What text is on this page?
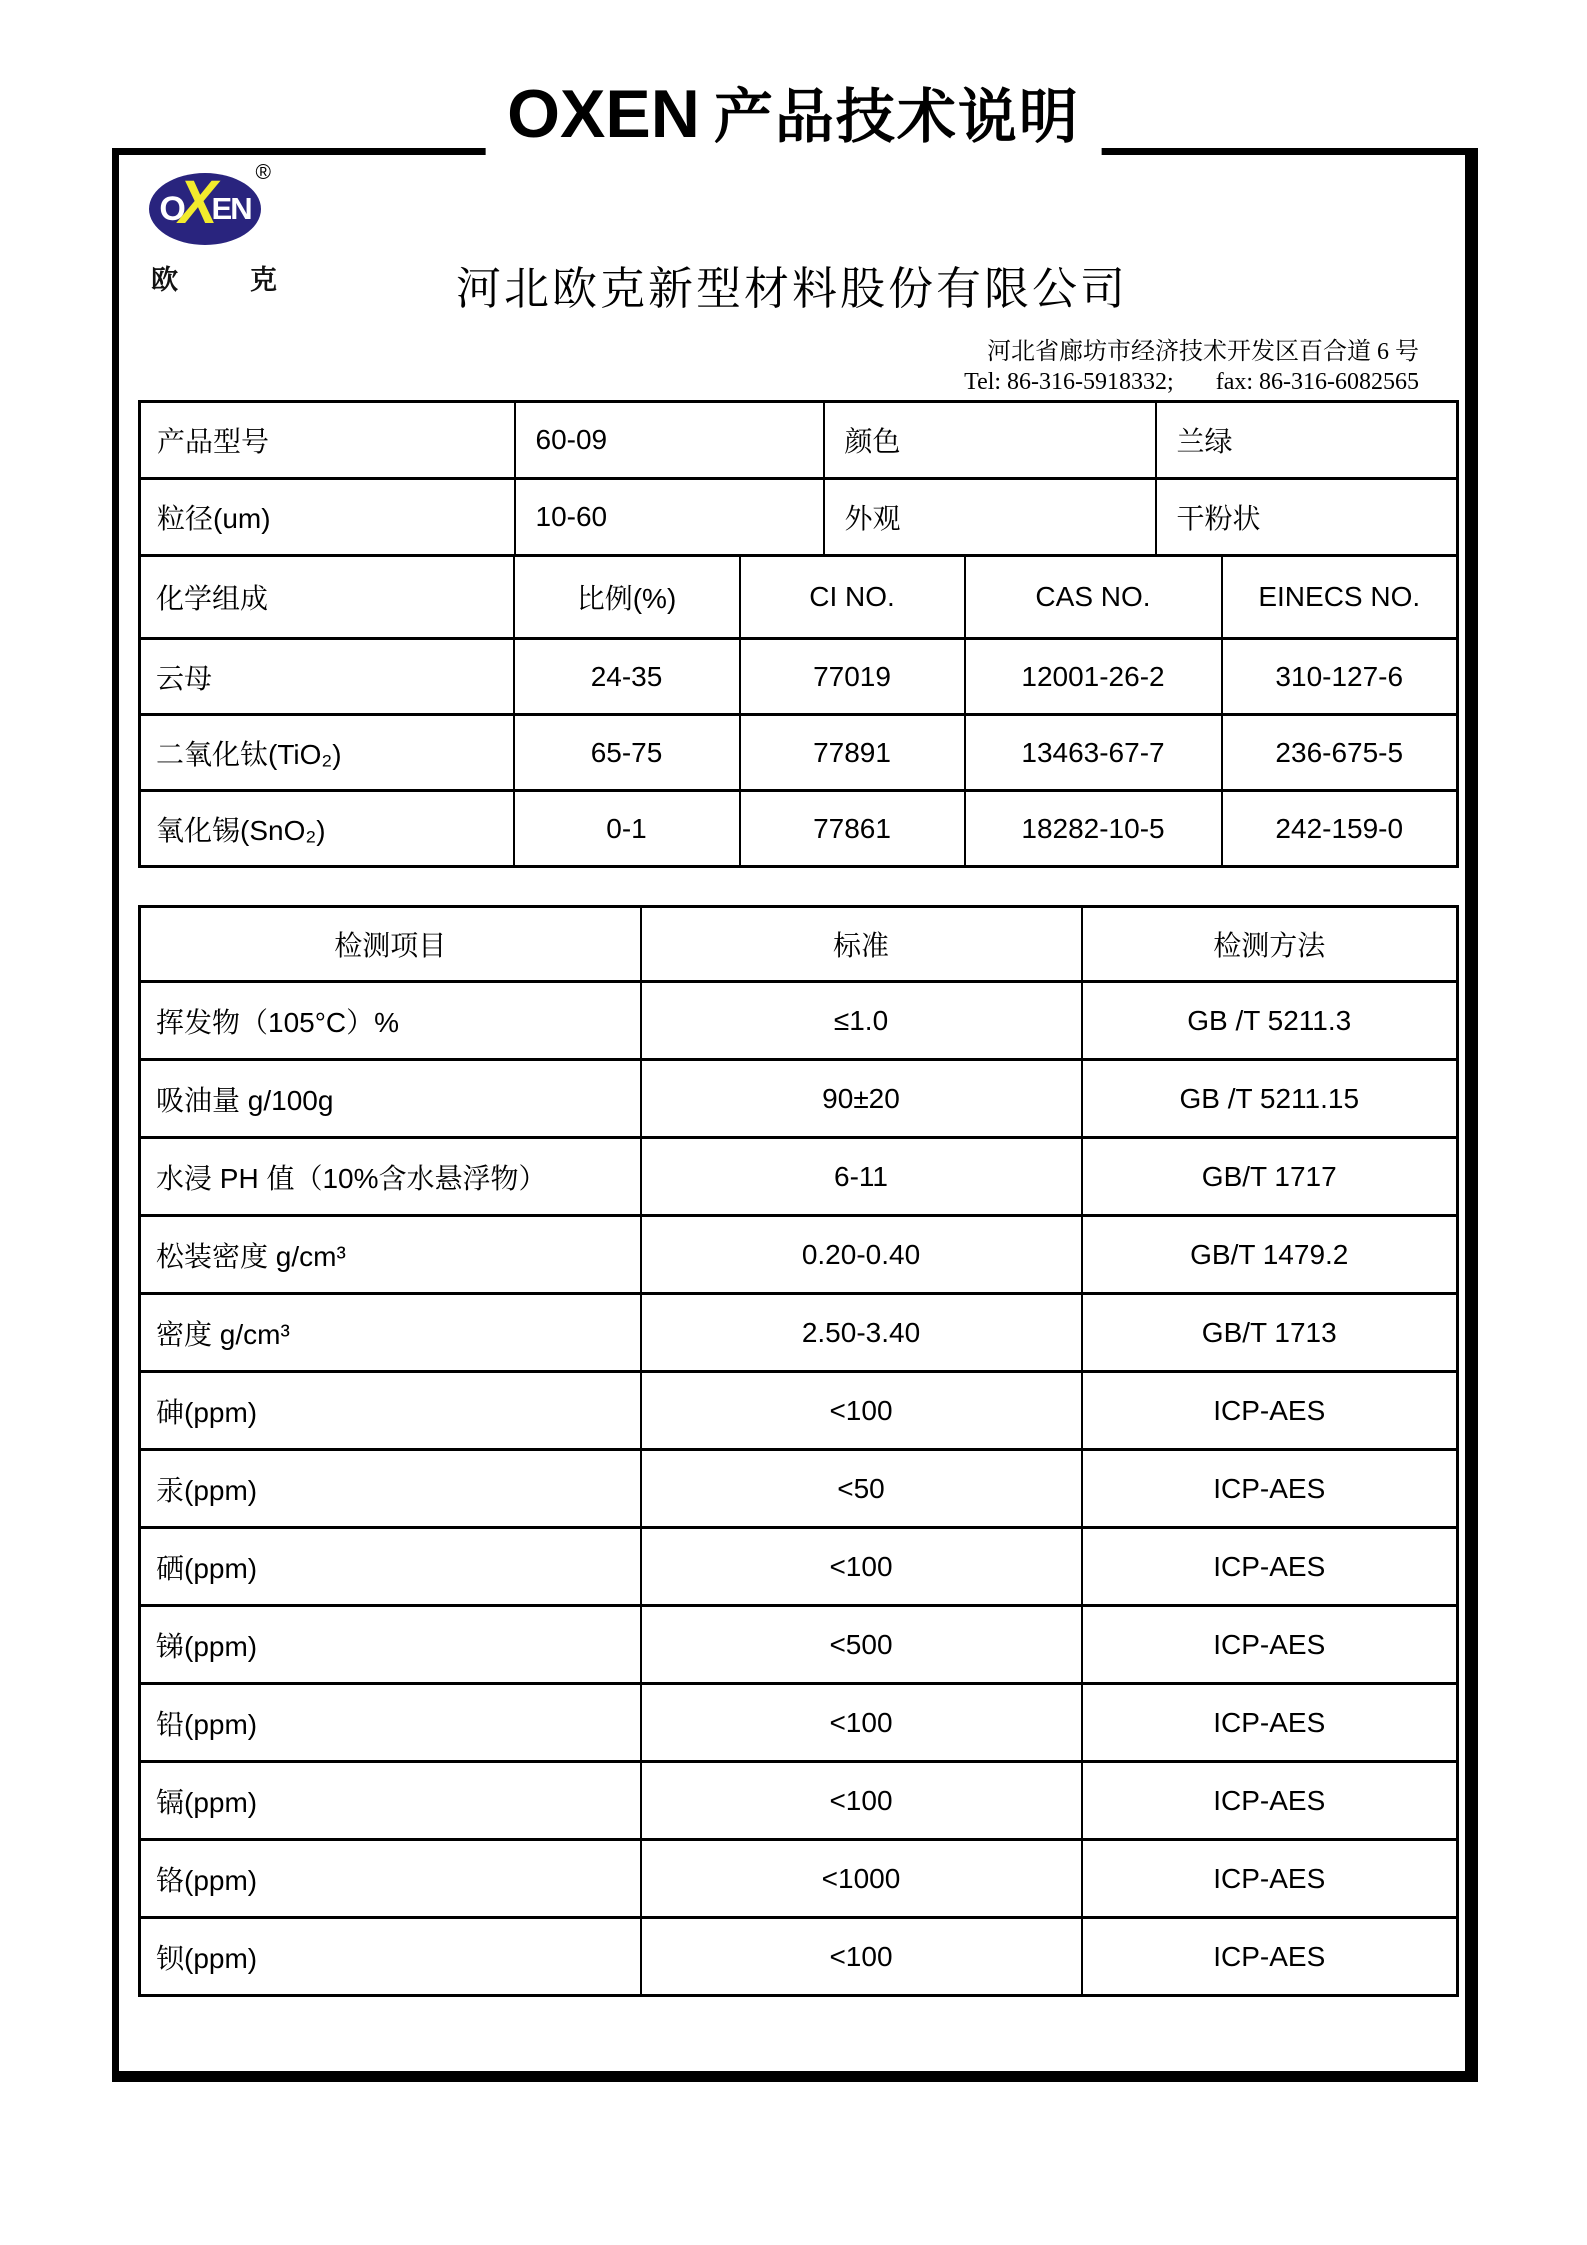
OXEN 产品技术说明
O
X
EN
®
欧	克	河北欧克新型材料股份有限公司
河北省廊坊市经济技术开发区百合道 6 号
Tel: 86-316-5918332; fax: 86-316-6082565
产品型号	60-09	颜色	兰绿
粒径(um)	10-60	外观	干粉状
化学组成	比例(%)	CI NO.	CAS NO.	EINECS NO.
云母	24-35	77019	12001-26-2	310-127-6
二氧化钛(TiO₂)	65-75	77891	13463-67-7	236-675-5
氧化锡(SnO₂)	0-1	77861	18282-10-5	242-159-0
检测项目	标准	检测方法
挥发物（105°C）%	≤1.0	GB /T 5211.3
吸油量 g/100g	90±20	GB /T 5211.15
水浸 PH 值（10%含水悬浮物）	6-11	GB/T 1717
松装密度 g/cm³	0.20-0.40	GB/T 1479.2
密度 g/cm³	2.50-3.40	GB/T 1713
砷(ppm)	<100	ICP-AES
汞(ppm)	<50	ICP-AES
硒(ppm)	<100	ICP-AES
锑(ppm)	<500	ICP-AES
铅(ppm)	<100	ICP-AES
镉(ppm)	<100	ICP-AES
铬(ppm)	<1000	ICP-AES
钡(ppm)	<100	ICP-AES
